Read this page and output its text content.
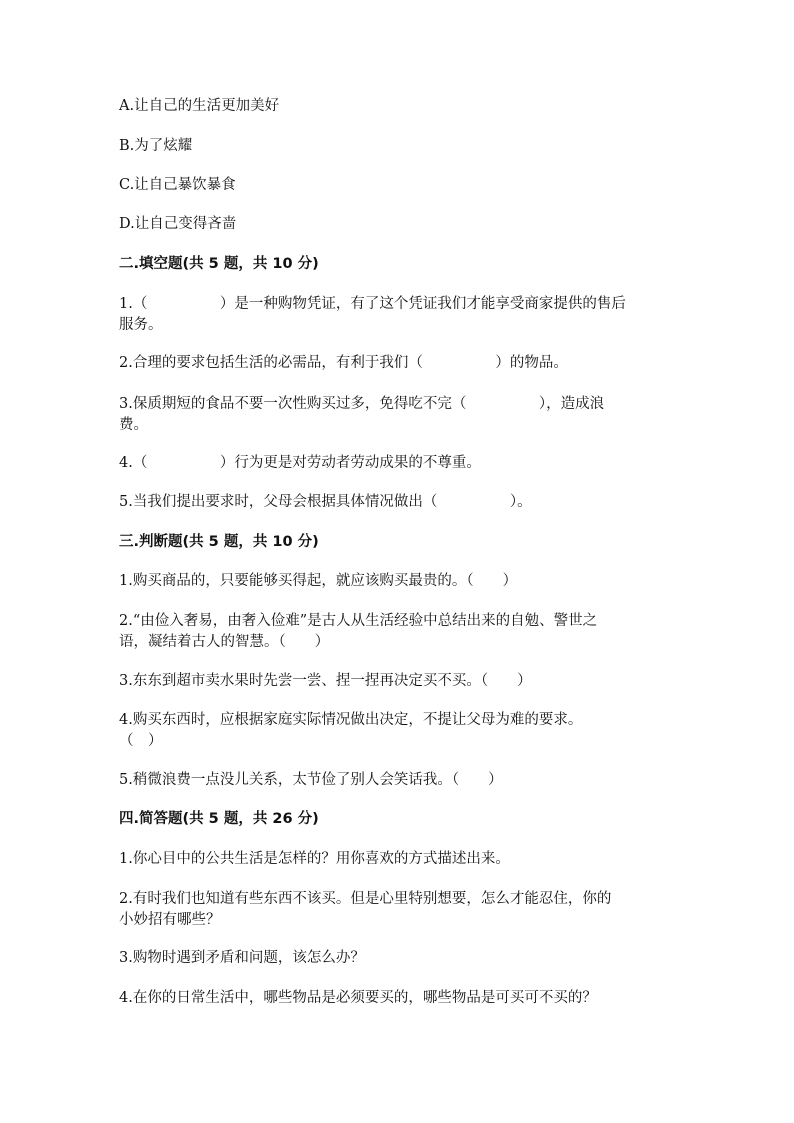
A.让自己的生活更加美好
B.为了炫耀
C.让自己暴饮暴食
D.让自己变得吝啬
二.填空题(共 5 题，共 10 分)
1.（　　　　　）是一种购物凭证，有了这个凭证我们才能享受商家提供的售后
服务。
2.合理的要求包括生活的必需品，有利于我们（　　　　　）的物品。
3.保质期短的食品不要一次性购买过多，免得吃不完（　　　　　），造成浪
费。
4.（　　　　　）行为更是对劳动者劳动成果的不尊重。
5.当我们提出要求时，父母会根据具体情况做出（　　　　　）。
三.判断题(共 5 题，共 10 分)
1.购买商品的，只要能够买得起，就应该购买最贵的。（　　）
2.“由俭入奢易，由奢入俭难”是古人从生活经验中总结出来的自勉、警世之
语，凝结着古人的智慧。（　　）
3.东东到超市卖水果时先尝一尝、捏一捏再决定买不买。（　　）
4.购买东西时，应根据家庭实际情况做出决定，不提让父母为难的要求。
（　）
5.稍微浪费一点没儿关系，太节俭了别人会笑话我。（　　）
四.简答题(共 5 题，共 26 分)
1.你心目中的公共生活是怎样的？用你喜欢的方式描述出来。
2.有时我们也知道有些东西不该买。但是心里特别想要，怎么才能忍住，你的
小妙招有哪些？
3.购物时遇到矛盾和问题，该怎么办？
4.在你的日常生活中，哪些物品是必须要买的，哪些物品是可买可不买的？
